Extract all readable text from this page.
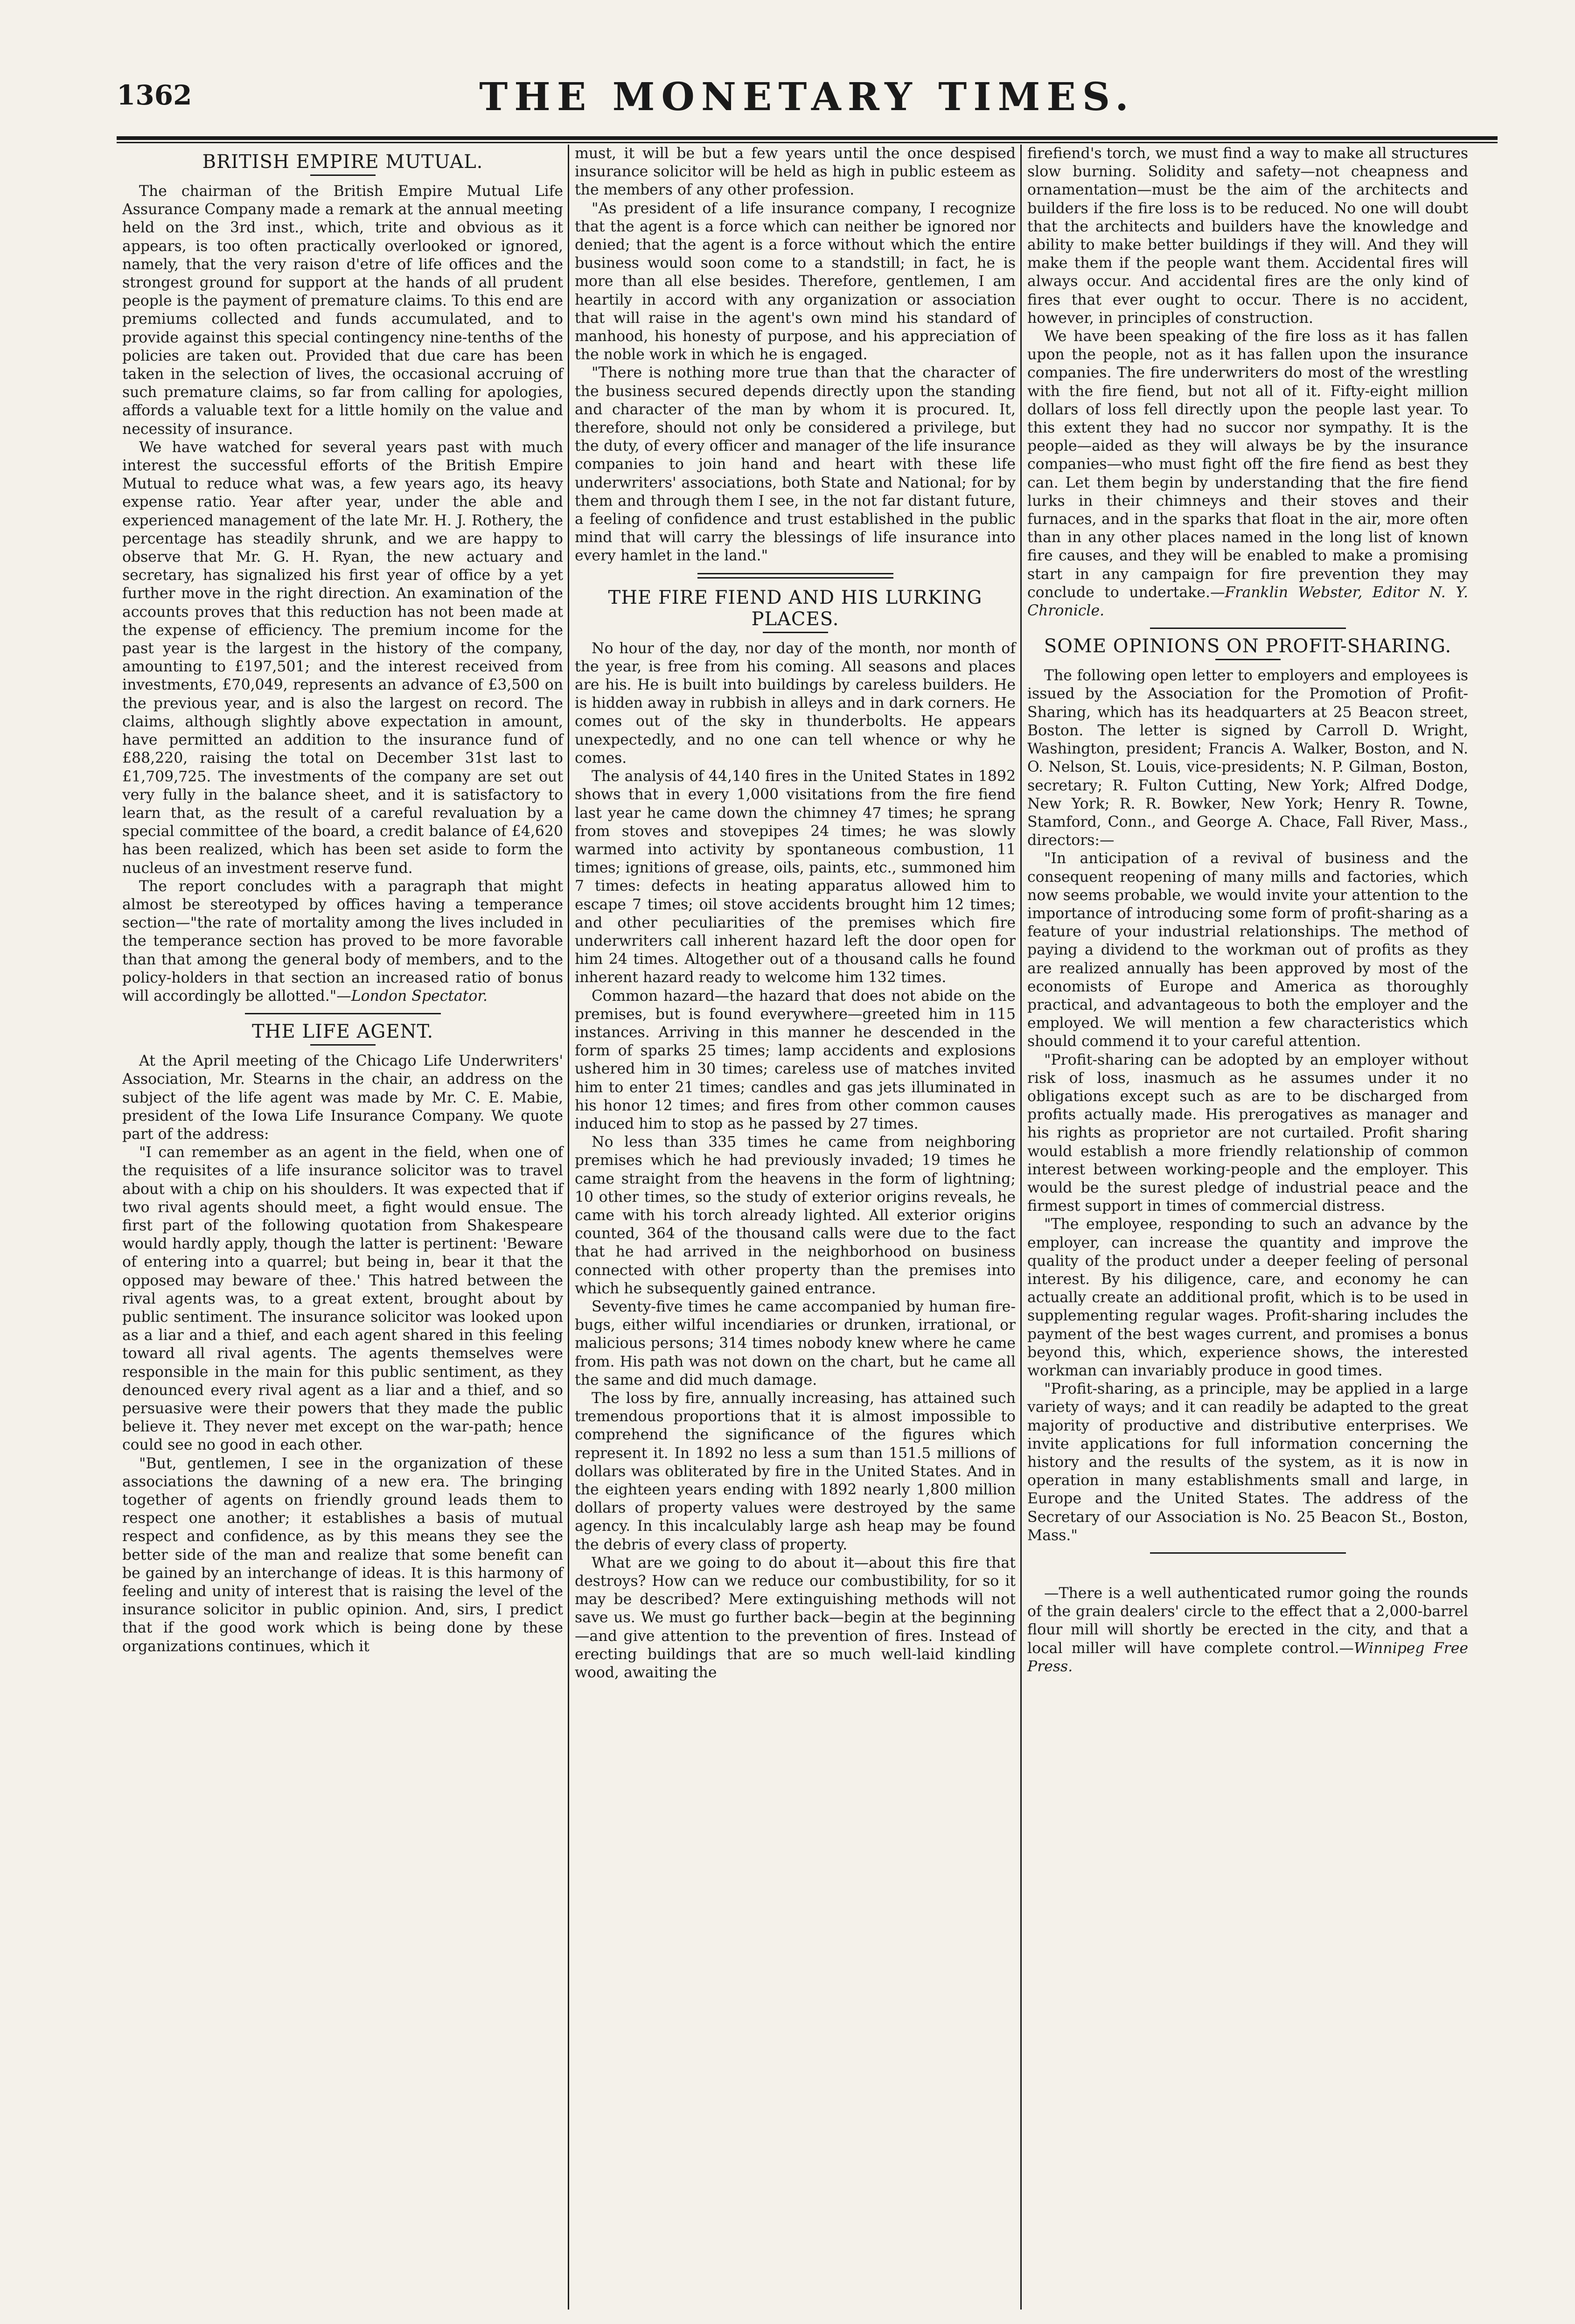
1362	THE MONETARY TIMES.
BRITISH EMPIRE MUTUAL.

The chairman of the British Empire Mutual Life Assurance Company made a remark at the annual meeting held on the 3rd inst., which, trite and obvious as it appears, is too often practically overlooked or ignored, namely, that the very raison d'etre of life offices and the strongest ground for support at the hands of all prudent people is the payment of premature claims. To this end are premiums collected and funds accumulated, and to provide against this special contingency nine-tenths of the policies are taken out. Provided that due care has been taken in the selection of lives, the occasional accruing of such premature claims, so far from calling for apologies, affords a valuable text for a little homily on the value and necessity of insurance.

We have watched for several years past with much interest the successful efforts of the British Empire Mutual to reduce what was, a few years ago, its heavy expense ratio. Year after year, under the able and experienced management of the late Mr. H. J. Rothery, the percentage has steadily shrunk, and we are happy to observe that Mr. G. H. Ryan, the new actuary and secretary, has signalized his first year of office by a yet further move in the right direction. An examination of the accounts proves that this reduction has not been made at the expense of efficiency. The premium income for the past year is the largest in the history of the company, amounting to £197,501; and the interest received from investments, £70,049, represents an advance of £3,500 on the previous year, and is also the largest on record. The claims, although slightly above expectation in amount, have permitted an addition to the insurance fund of £88,220, raising the total on December 31st last to £1,709,725. The investments of the company are set out very fully in the balance sheet, and it is satisfactory to learn that, as the result of a careful revaluation by a special committee of the board, a credit balance of £4,620 has been realized, which has been set aside to form the nucleus of an investment reserve fund.

The report concludes with a paragraph that might almost be stereotyped by offices having a temperance section—"the rate of mortality among the lives included in the temperance section has proved to be more favorable than that among the general body of members, and to the policy-holders in that section an increased ratio of bonus will accordingly be allotted."—London Spectator.

THE LIFE AGENT.

At the April meeting of the Chicago Life Underwriters' Association, Mr. Stearns in the chair, an address on the subject of the life agent was made by Mr. C. E. Mabie, president of the Iowa Life Insurance Company. We quote part of the address:

"I can remember as an agent in the field, when one of the requisites of a life insurance solicitor was to travel about with a chip on his shoulders. It was expected that if two rival agents should meet, a fight would ensue. The first part of the following quotation from Shakespeare would hardly apply, though the latter is pertinent: 'Beware of entering into a quarrel; but being in, bear it that the opposed may beware of thee.' This hatred between the rival agents was, to a great extent, brought about by public sentiment. The insurance solicitor was looked upon as a liar and a thief, and each agent shared in this feeling toward all rival agents. The agents themselves were responsible in the main for this public sentiment, as they denounced every rival agent as a liar and a thief, and so persuasive were their powers that they made the public believe it. They never met except on the war-path; hence could see no good in each other.

"But, gentlemen, I see in the organization of these associations the dawning of a new era. The bringing together of agents on friendly ground leads them to respect one another; it establishes a basis of mutual respect and confidence, as by this means they see the better side of the man and realize that some benefit can be gained by an interchange of ideas. It is this harmony of feeling and unity of interest that is raising the level of the insurance solicitor in public opinion. And, sirs, I predict that if the good work which is being done by these organizations continues, which it

must, it will be but a few years until the once despised insurance solicitor will be held as high in public esteem as the members of any other profession.

"As president of a life insurance company, I recognize that the agent is a force which can neither be ignored nor denied; that the agent is a force without which the entire business would soon come to a standstill; in fact, he is more than all else besides. Therefore, gentlemen, I am heartily in accord with any organization or association that will raise in the agent's own mind his standard of manhood, his honesty of purpose, and his appreciation of the noble work in which he is engaged.

"There is nothing more true than that the character of the business secured depends directly upon the standing and character of the man by whom it is procured. It, therefore, should not only be considered a privilege, but the duty, of every officer and manager of the life insurance companies to join hand and heart with these life underwriters' associations, both State and National; for by them and through them I see, in the not far distant future, a feeling of confidence and trust established in the public mind that will carry the blessings of life insurance into every hamlet in the land."

THE FIRE FIEND AND HIS LURKING PLACES.

No hour of the day, nor day of the month, nor month of the year, is free from his coming. All seasons and places are his. He is built into buildings by careless builders. He is hidden away in rubbish in alleys and in dark corners. He comes out of the sky in thunderbolts. He appears unexpectedly, and no one can tell whence or why he comes.

The analysis of 44,140 fires in the United States in 1892 shows that in every 1,000 visitations from the fire fiend last year he came down the chimney 47 times; he sprang from stoves and stovepipes 24 times; he was slowly warmed into activity by spontaneous combustion, 11 times; ignitions of grease, oils, paints, etc., summoned him 7 times: defects in heating apparatus allowed him to escape 7 times; oil stove accidents brought him 12 times; and other peculiarities of the premises which fire underwriters call inherent hazard left the door open for him 24 times. Altogether out of a thousand calls he found inherent hazard ready to welcome him 132 times.

Common hazard—the hazard that does not abide on the premises, but is found everywhere—greeted him in 115 instances. Arriving in this manner he descended in the form of sparks 25 times; lamp accidents and explosions ushered him in 30 times; careless use of matches invited him to enter 21 times; candles and gas jets illuminated in his honor 12 times; and fires from other common causes induced him to stop as he passed by 27 times.

No less than 335 times he came from neighboring premises which he had previously invaded; 19 times he came straight from the heavens in the form of lightning; 10 other times, so the study of exterior origins reveals, he came with his torch already lighted. All exterior origins counted, 364 of the thousand calls were due to the fact that he had arrived in the neighborhood on business connected with other property than the premises into which he subsequently gained entrance.

Seventy-five times he came accompanied by human fire-bugs, either wilful incendiaries or drunken, irrational, or malicious persons; 314 times nobody knew where he came from. His path was not down on the chart, but he came all the same and did much damage.

The loss by fire, annually increasing, has attained such tremendous proportions that it is almost impossible to comprehend the significance of the figures which represent it. In 1892 no less a sum than 151.5 millions of dollars was obliterated by fire in the United States. And in the eighteen years ending with 1892 nearly 1,800 million dollars of property values were destroyed by the same agency. In this incalculably large ash heap may be found the debris of every class of property.

What are we going to do about it—about this fire that destroys? How can we reduce our combustibility, for so it may be described? Mere extinguishing methods will not save us. We must go further back—begin at the beginning—and give attention to the prevention of fires. Instead of erecting buildings that are so much well-laid kindling wood, awaiting the

firefiend's torch, we must find a way to make all structures slow burning. Solidity and safety—not cheapness and ornamentation—must be the aim of the architects and builders if the fire loss is to be reduced. No one will doubt that the architects and builders have the knowledge and ability to make better buildings if they will. And they will make them if the people want them. Accidental fires will always occur. And accidental fires are the only kind of fires that ever ought to occur. There is no accident, however, in principles of construction.

We have been speaking of the fire loss as it has fallen upon the people, not as it has fallen upon the insurance companies. The fire underwriters do most of the wrestling with the fire fiend, but not all of it. Fifty-eight million dollars of loss fell directly upon the people last year. To this extent they had no succor nor sympathy. It is the people—aided as they will always be by the insurance companies—who must fight off the fire fiend as best they can. Let them begin by understanding that the fire fiend lurks in their chimneys and their stoves and their furnaces, and in the sparks that float in the air, more often than in any other places named in the long list of known fire causes, and they will be enabled to make a promising start in any campaign for fire prevention they may conclude to undertake.—Franklin Webster, Editor N. Y. Chronicle.

SOME OPINIONS ON PROFIT-SHARING.

The following open letter to employers and employees is issued by the Association for the Promotion of Profit-Sharing, which has its headquarters at 25 Beacon street, Boston. The letter is signed by Carroll D. Wright, Washington, president; Francis A. Walker, Boston, and N. O. Nelson, St. Louis, vice-presidents; N. P. Gilman, Boston, secretary; R. Fulton Cutting, New York; Alfred Dodge, New York; R. R. Bowker, New York; Henry R. Towne, Stamford, Conn., and George A. Chace, Fall River, Mass., directors:—

"In anticipation of a revival of business and the consequent reopening of many mills and factories, which now seems probable, we would invite your attention to the importance of introducing some form of profit-sharing as a feature of your industrial relationships. The method of paying a dividend to the workman out of profits as they are realized annually has been approved by most of the economists of Europe and America as thoroughly practical, and advantageous to both the employer and the employed. We will mention a few characteristics which should commend it to your careful attention.

"Profit-sharing can be adopted by an employer without risk of loss, inasmuch as he assumes under it no obligations except such as are to be discharged from profits actually made. His prerogatives as manager and his rights as proprietor are not curtailed. Profit sharing would establish a more friendly relationship of common interest between working-people and the employer. This would be the surest pledge of industrial peace and the firmest support in times of commercial distress.

"The employee, responding to such an advance by the employer, can increase the quantity and improve the quality of the product under a deeper feeling of personal interest. By his diligence, care, and economy he can actually create an additional profit, which is to be used in supplementing regular wages. Profit-sharing includes the payment of the best wages current, and promises a bonus beyond this, which, experience shows, the interested workman can invariably produce in good times.

"Profit-sharing, as a principle, may be applied in a large variety of ways; and it can readily be adapted to the great majority of productive and distributive enterprises. We invite applications for full information concerning the history and the results of the system, as it is now in operation in many establishments small and large, in Europe and the United States. The address of the Secretary of our Association is No. 25 Beacon St., Boston, Mass."

—There is a well authenticated rumor going the rounds of the grain dealers' circle to the effect that a 2,000-barrel flour mill will shortly be erected in the city, and that a local miller will have complete control.—Winnipeg Free Press.
